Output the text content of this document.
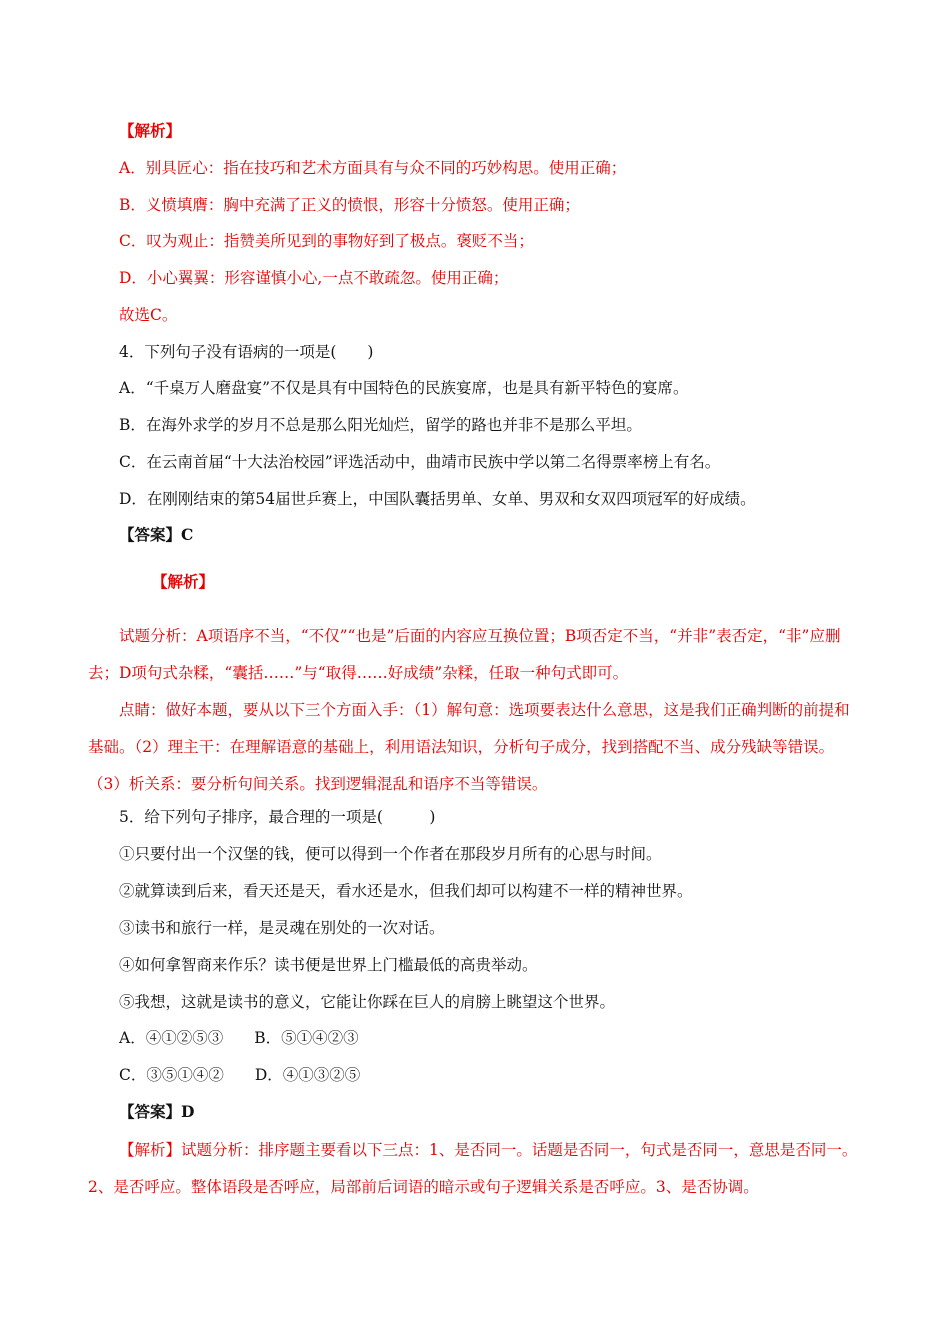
【解析】
A．别具匠心：指在技巧和艺术方面具有与众不同的巧妙构思。使用正确；
B．义愤填膺：胸中充满了正义的愤恨，形容十分愤怒。使用正确；
C．叹为观止：指赞美所见到的事物好到了极点。褒贬不当；
D．小心翼翼：形容谨慎小心,一点不敢疏忽。使用正确；
故选C。
4．下列句子没有语病的一项是(　　)
A．“千桌万人磨盘宴”不仅是具有中国特色的民族宴席，也是具有新平特色的宴席。
B．在海外求学的岁月不总是那么阳光灿烂，留学的路也并非不是那么平坦。
C．在云南首届“十大法治校园”评选活动中，曲靖市民族中学以第二名得票率榜上有名。
D．在刚刚结束的第54届世乒赛上，中国队囊括男单、女单、男双和女双四项冠军的好成绩。
【答案】C
【解析】
试题分析：A项语序不当，“不仅”“也是”后面的内容应互换位置；B项否定不当，“并非”表否定，“非”应删去；D项句式杂糅，“囊括……”与“取得……好成绩”杂糅，任取一种句式即可。
点睛：做好本题，要从以下三个方面入手：（1）解句意：选项要表达什么意思，这是我们正确判断的前提和基础。（2）理主干：在理解语意的基础上，利用语法知识，分析句子成分，找到搭配不当、成分残缺等错误。（3）析关系：要分析句间关系。找到逻辑混乱和语序不当等错误。
5．给下列句子排序，最合理的一项是(　　　)
①只要付出一个汉堡的钱，便可以得到一个作者在那段岁月所有的心思与时间。
②就算读到后来，看天还是天，看水还是水，但我们却可以构建不一样的精神世界。
③读书和旅行一样，是灵魂在别处的一次对话。
④如何拿智商来作乐？读书便是世界上门槛最低的高贵举动。
⑤我想，这就是读书的意义，它能让你踩在巨人的肩膀上眺望这个世界。
A．④①②⑤③　　B．⑤①④②③
C．③⑤①④②　　D．④①③②⑤
【答案】D
【解析】试题分析：排序题主要看以下三点：1、是否同一。话题是否同一，句式是否同一，意思是否同一。2、是否呼应。整体语段是否呼应，局部前后词语的暗示或句子逻辑关系是否呼应。3、是否协调。
